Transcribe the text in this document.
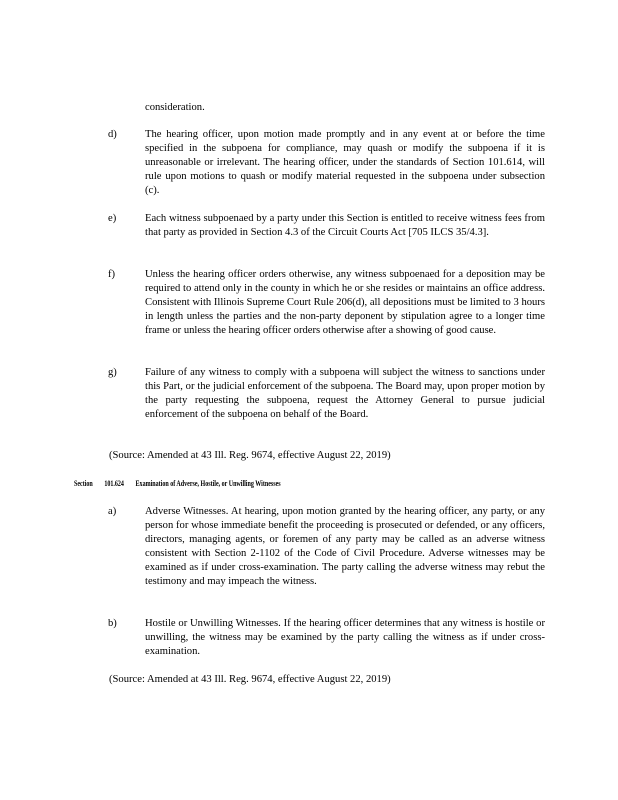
consideration.
d)	The hearing officer, upon motion made promptly and in any event at or before the time specified in the subpoena for compliance, may quash or modify the subpoena if it is unreasonable or irrelevant. The hearing officer, under the standards of Section 101.614, will rule upon motions to quash or modify material requested in the subpoena under subsection (c).
e)	Each witness subpoenaed by a party under this Section is entitled to receive witness fees from that party as provided in Section 4.3 of the Circuit Courts Act [705 ILCS 35/4.3].
f)	Unless the hearing officer orders otherwise, any witness subpoenaed for a deposition may be required to attend only in the county in which he or she resides or maintains an office address. Consistent with Illinois Supreme Court Rule 206(d), all depositions must be limited to 3 hours in length unless the parties and the non-party deponent by stipulation agree to a longer time frame or unless the hearing officer orders otherwise after a showing of good cause.
g)	Failure of any witness to comply with a subpoena will subject the witness to sanctions under this Part, or the judicial enforcement of the subpoena. The Board may, upon proper motion by the party requesting the subpoena, request the Attorney General to pursue judicial enforcement of the subpoena on behalf of the Board.
(Source: Amended at 43 Ill. Reg. 9674, effective August 22, 2019)
Section 101.624 Examination of Adverse, Hostile, or Unwilling Witnesses
a)	Adverse Witnesses. At hearing, upon motion granted by the hearing officer, any party, or any person for whose immediate benefit the proceeding is prosecuted or defended, or any officers, directors, managing agents, or foremen of any party may be called as an adverse witness consistent with Section 2-1102 of the Code of Civil Procedure. Adverse witnesses may be examined as if under cross-examination. The party calling the adverse witness may rebut the testimony and may impeach the witness.
b)	Hostile or Unwilling Witnesses. If the hearing officer determines that any witness is hostile or unwilling, the witness may be examined by the party calling the witness as if under cross-examination.
(Source: Amended at 43 Ill. Reg. 9674, effective August 22, 2019)
